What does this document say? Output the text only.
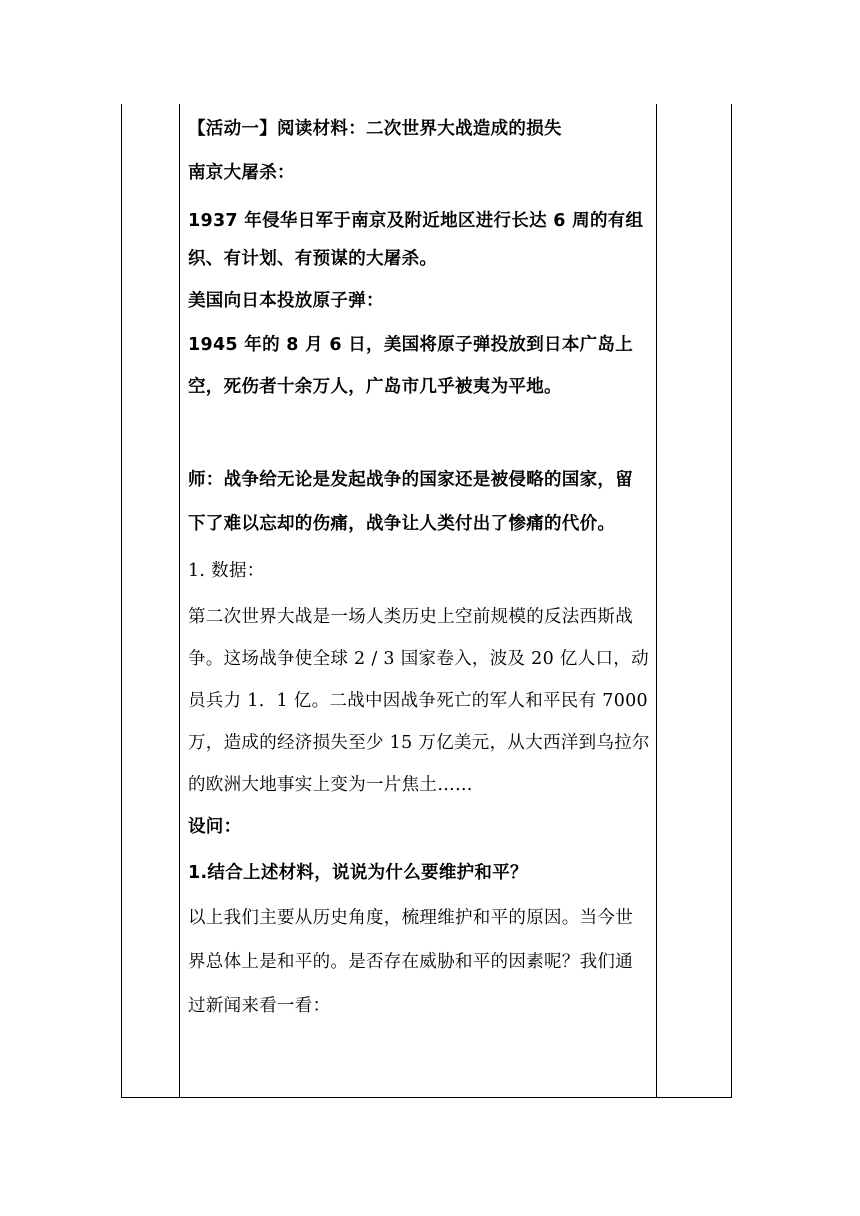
【活动一】阅读材料：二次世界大战造成的损失

南京大屠杀：

1937 年侵华日军于南京及附近地区进行长达 6 周的有组织、有计划、有预谋的大屠杀。

美国向日本投放原子弹：

1945 年的 8 月 6 日，美国将原子弹投放到日本广岛上空，死伤者十余万人，广岛市几乎被夷为平地。

师：战争给无论是发起战争的国家还是被侵略的国家，留下了难以忘却的伤痛，战争让人类付出了惨痛的代价。

1. 数据：

第二次世界大战是一场人类历史上空前规模的反法西斯战争。这场战争使全球 2 / 3 国家卷入，波及 20 亿人口，动员兵力 1．1 亿。二战中因战争死亡的军人和平民有 7000 万，造成的经济损失至少 15 万亿美元，从大西洋到乌拉尔的欧洲大地事实上变为一片焦土……

设问：

1.结合上述材料，说说为什么要维护和平？

以上我们主要从历史角度，梳理维护和平的原因。当今世界总体上是和平的。是否存在威胁和平的因素呢？我们通过新闻来看一看：
